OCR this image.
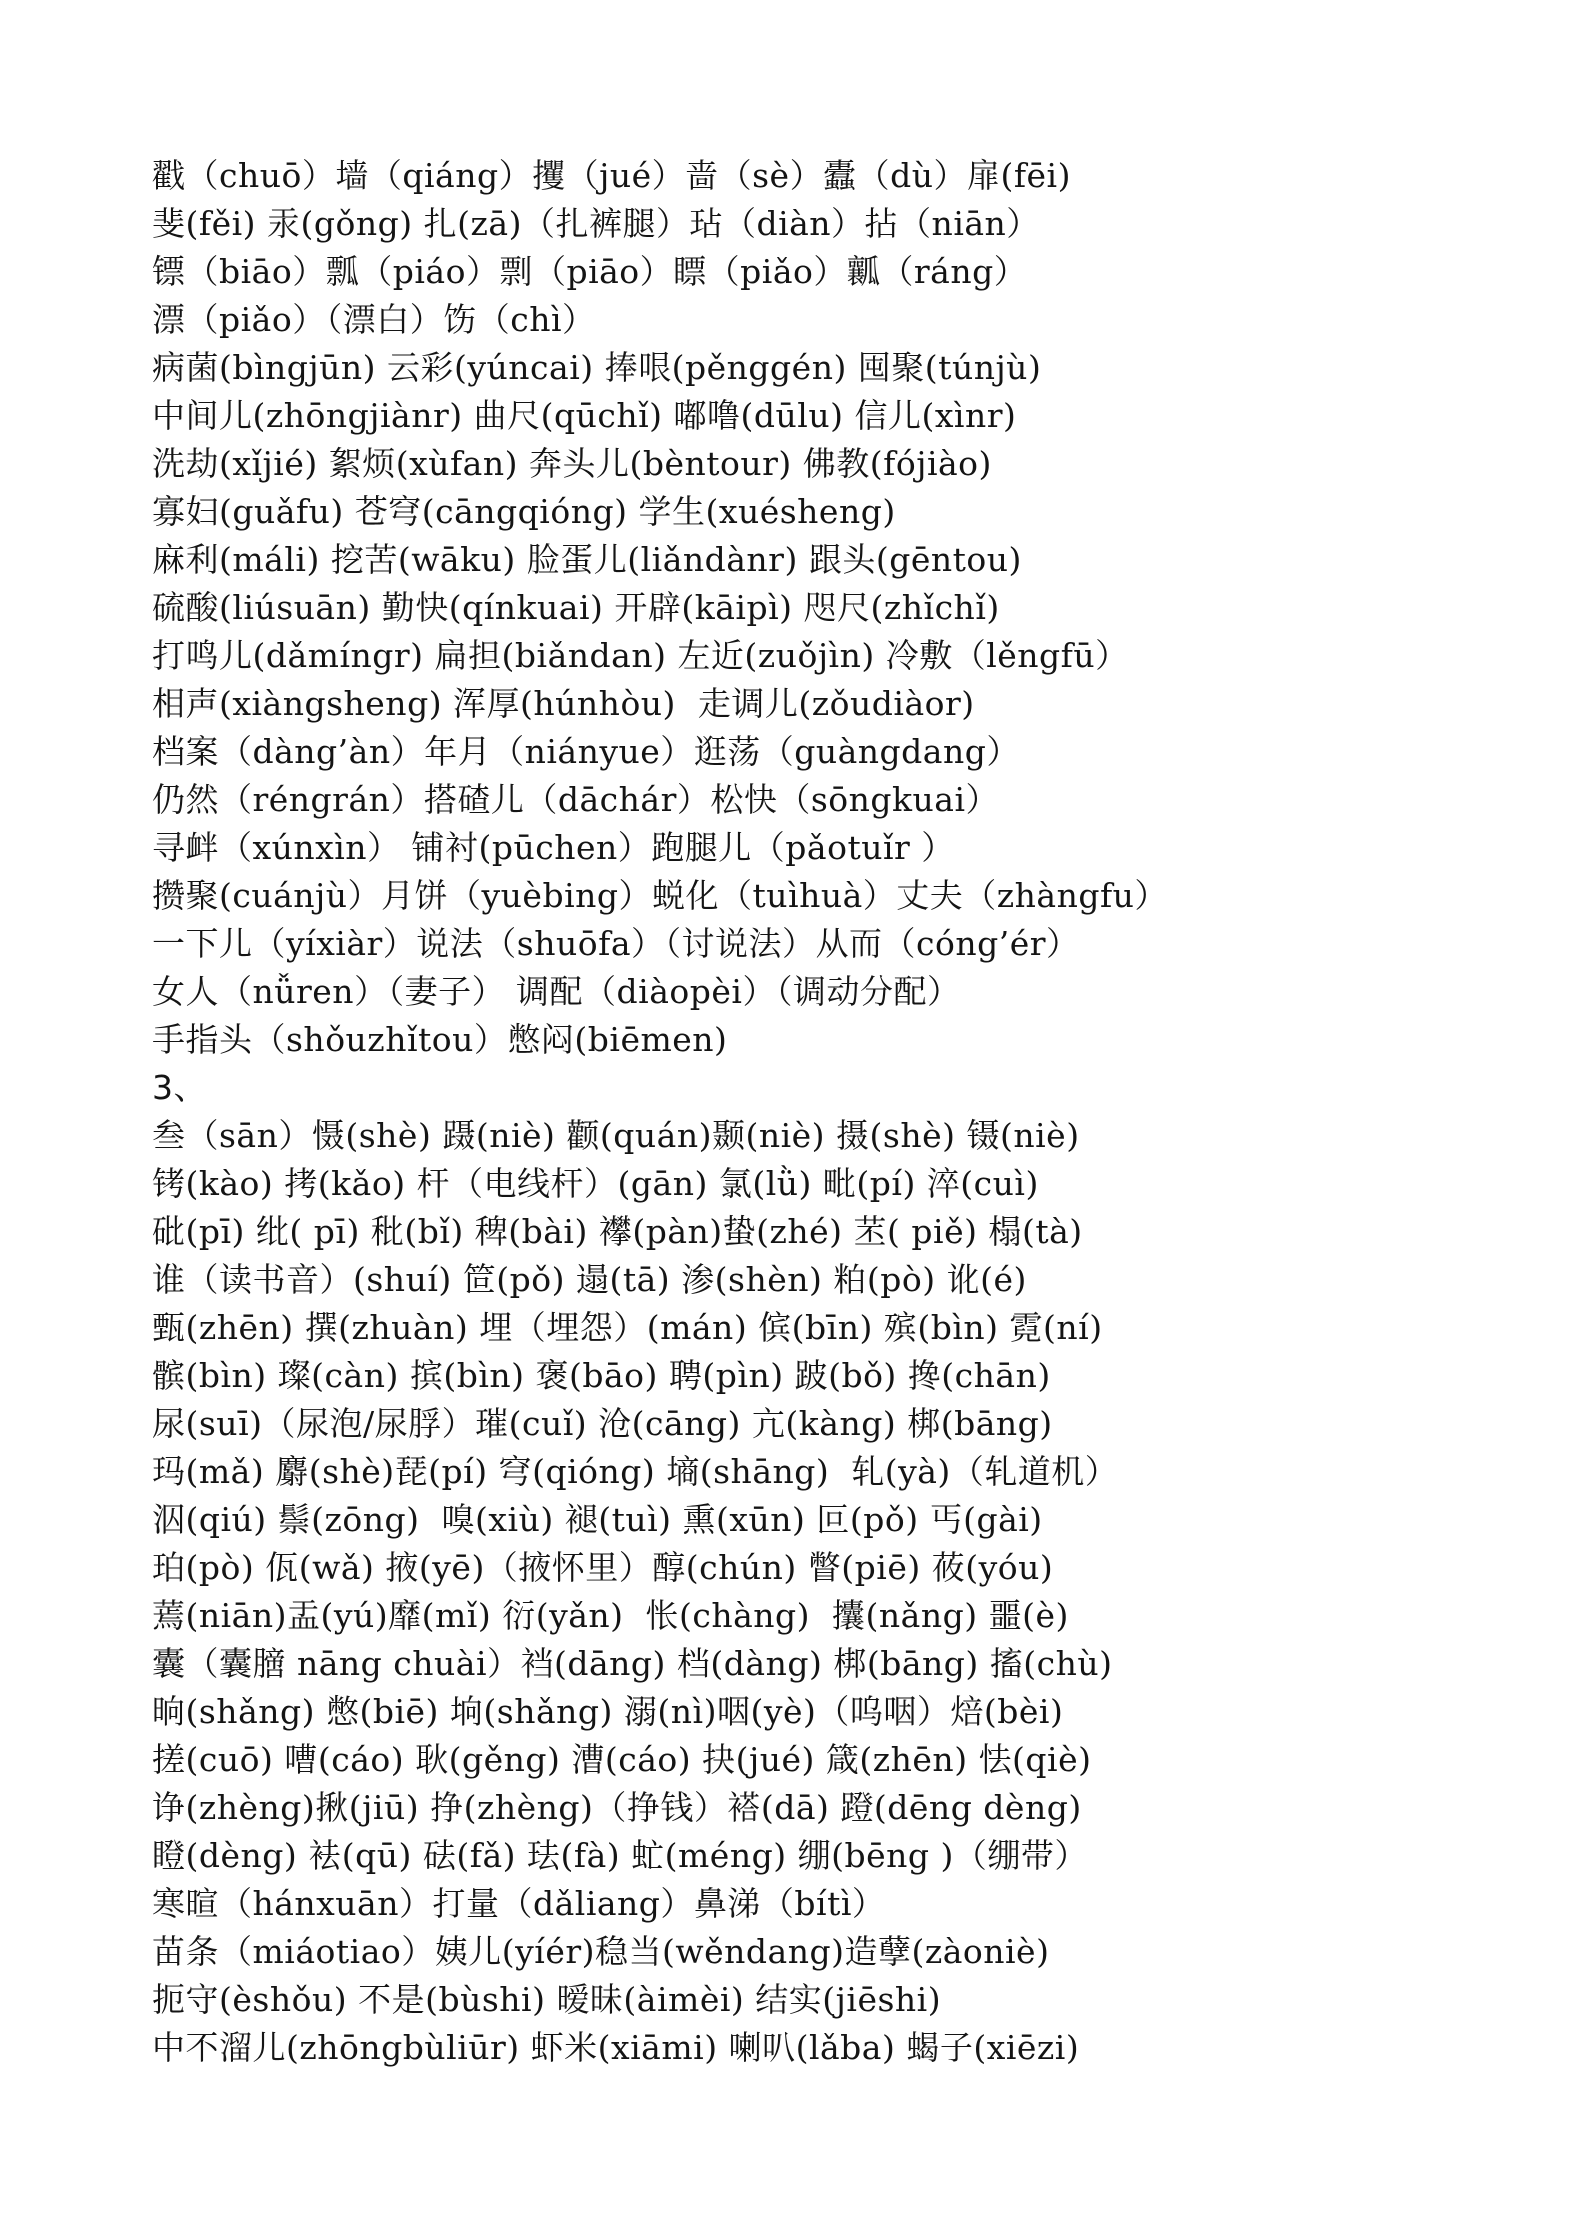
戳（chuō）墙（qiáng）攫（jué）啬（sè）蠹（dù）扉(fēi)
斐(fěi) 汞(gǒng) 扎(zā)（扎裤腿）玷（diàn）拈（niān）
镖（biāo）瓢（piáo）剽（piāo）瞟（piǎo）瓤（ráng）
漂（piǎo）（漂白）饬（chì）
病菌(bìngjūn) 云彩(yúncai) 捧哏(pěnggén) 囤聚(túnjù)
中间儿(zhōngjiànr) 曲尺(qūchǐ) 嘟噜(dūlu) 信儿(xìnr)
洗劫(xǐjié) 絮烦(xùfan) 奔头儿(bèntour) 佛教(fójiào)
寡妇(guǎfu) 苍穹(cāngqióng) 学生(xuésheng)
麻利(máli) 挖苦(wāku) 脸蛋儿(liǎndànr) 跟头(gēntou)
硫酸(liúsuān) 勤快(qínkuai) 开辟(kāipì) 咫尺(zhǐchǐ)
打鸣儿(dǎmíngr) 扁担(biǎndan) 左近(zuǒjìn) 冷敷（lěngfū）
相声(xiàngsheng) 浑厚(húnhòu)  走调儿(zǒudiàor)
档案（dàng’àn）年月（niányue）逛荡（guàngdang）
仍然（réngrán）搭碴儿（dāchár）松快（sōngkuai）
寻衅（xúnxìn） 铺衬(pūchen）跑腿儿（pǎotuǐr ）
攒聚(cuánjù）月饼（yuèbing）蜕化（tuìhuà）丈夫（zhàngfu）
一下儿（yíxiàr）说法（shuōfa）（讨说法）从而（cóng’ér）
女人（nǚren）（妻子） 调配（diàopèi）（调动分配）
手指头（shǒuzhǐtou）憋闷(biēmen)
3、
叁（sān）慑(shè) 蹑(niè) 颧(quán)颞(niè) 摄(shè) 镊(niè)
铐(kào) 拷(kǎo) 杆（电线杆）(gān) 氯(lǜ) 毗(pí) 淬(cuì)
砒(pī) 纰( pī) 秕(bǐ) 稗(bài) 襻(pàn)蛰(zhé) 苤( piě) 榻(tà)
谁（读书音）(shuí) 笸(pǒ) 遢(tā) 渗(shèn) 粕(pò) 讹(é)
甄(zhēn) 撰(zhuàn) 埋（埋怨）(mán) 傧(bīn) 殡(bìn) 霓(ní)
髌(bìn) 璨(càn) 摈(bìn) 褒(bāo) 聘(pìn) 跛(bǒ) 搀(chān)
尿(suī)（尿泡/尿脬）璀(cuǐ) 沧(cāng) 亢(kàng) 梆(bāng)
玛(mǎ) 麝(shè)琵(pí) 穹(qióng) 墒(shāng)  轧(yà)（轧道机）
泅(qiú) 鬃(zōng)  嗅(xiù) 褪(tuì) 熏(xūn) 叵(pǒ) 丐(gài)
珀(pò) 佤(wǎ) 掖(yē)（掖怀里）醇(chún) 瞥(piē) 莜(yóu)
蔫(niān)盂(yú)靡(mǐ) 衍(yǎn)  怅(chàng)  攮(nǎng) 噩(è)
囊（囊膪 nāng chuài）裆(dāng) 档(dàng) 梆(bāng) 搐(chù)
晌(shǎng) 憋(biē) 垧(shǎng) 溺(nì)咽(yè)（呜咽）焙(bèi)
搓(cuō) 嘈(cáo) 耿(gěng) 漕(cáo) 抉(jué) 箴(zhēn) 怯(qiè)
诤(zhèng)揪(jiū) 挣(zhèng)（挣钱）褡(dā) 蹬(dēng dèng)
瞪(dèng) 袪(qū) 砝(fǎ) 珐(fà) 虻(méng) 绷(bēng )（绷带）
寒暄（hánxuān）打量（dǎliang）鼻涕（bítì）
苗条（miáotiao）姨儿(yíér)稳当(wěndang)造孽(zàoniè)
扼守(èshǒu) 不是(bùshi) 暧昧(àimèi) 结实(jiēshi)
中不溜儿(zhōngbùliūr) 虾米(xiāmi) 喇叭(lǎba) 蝎子(xiēzi)
